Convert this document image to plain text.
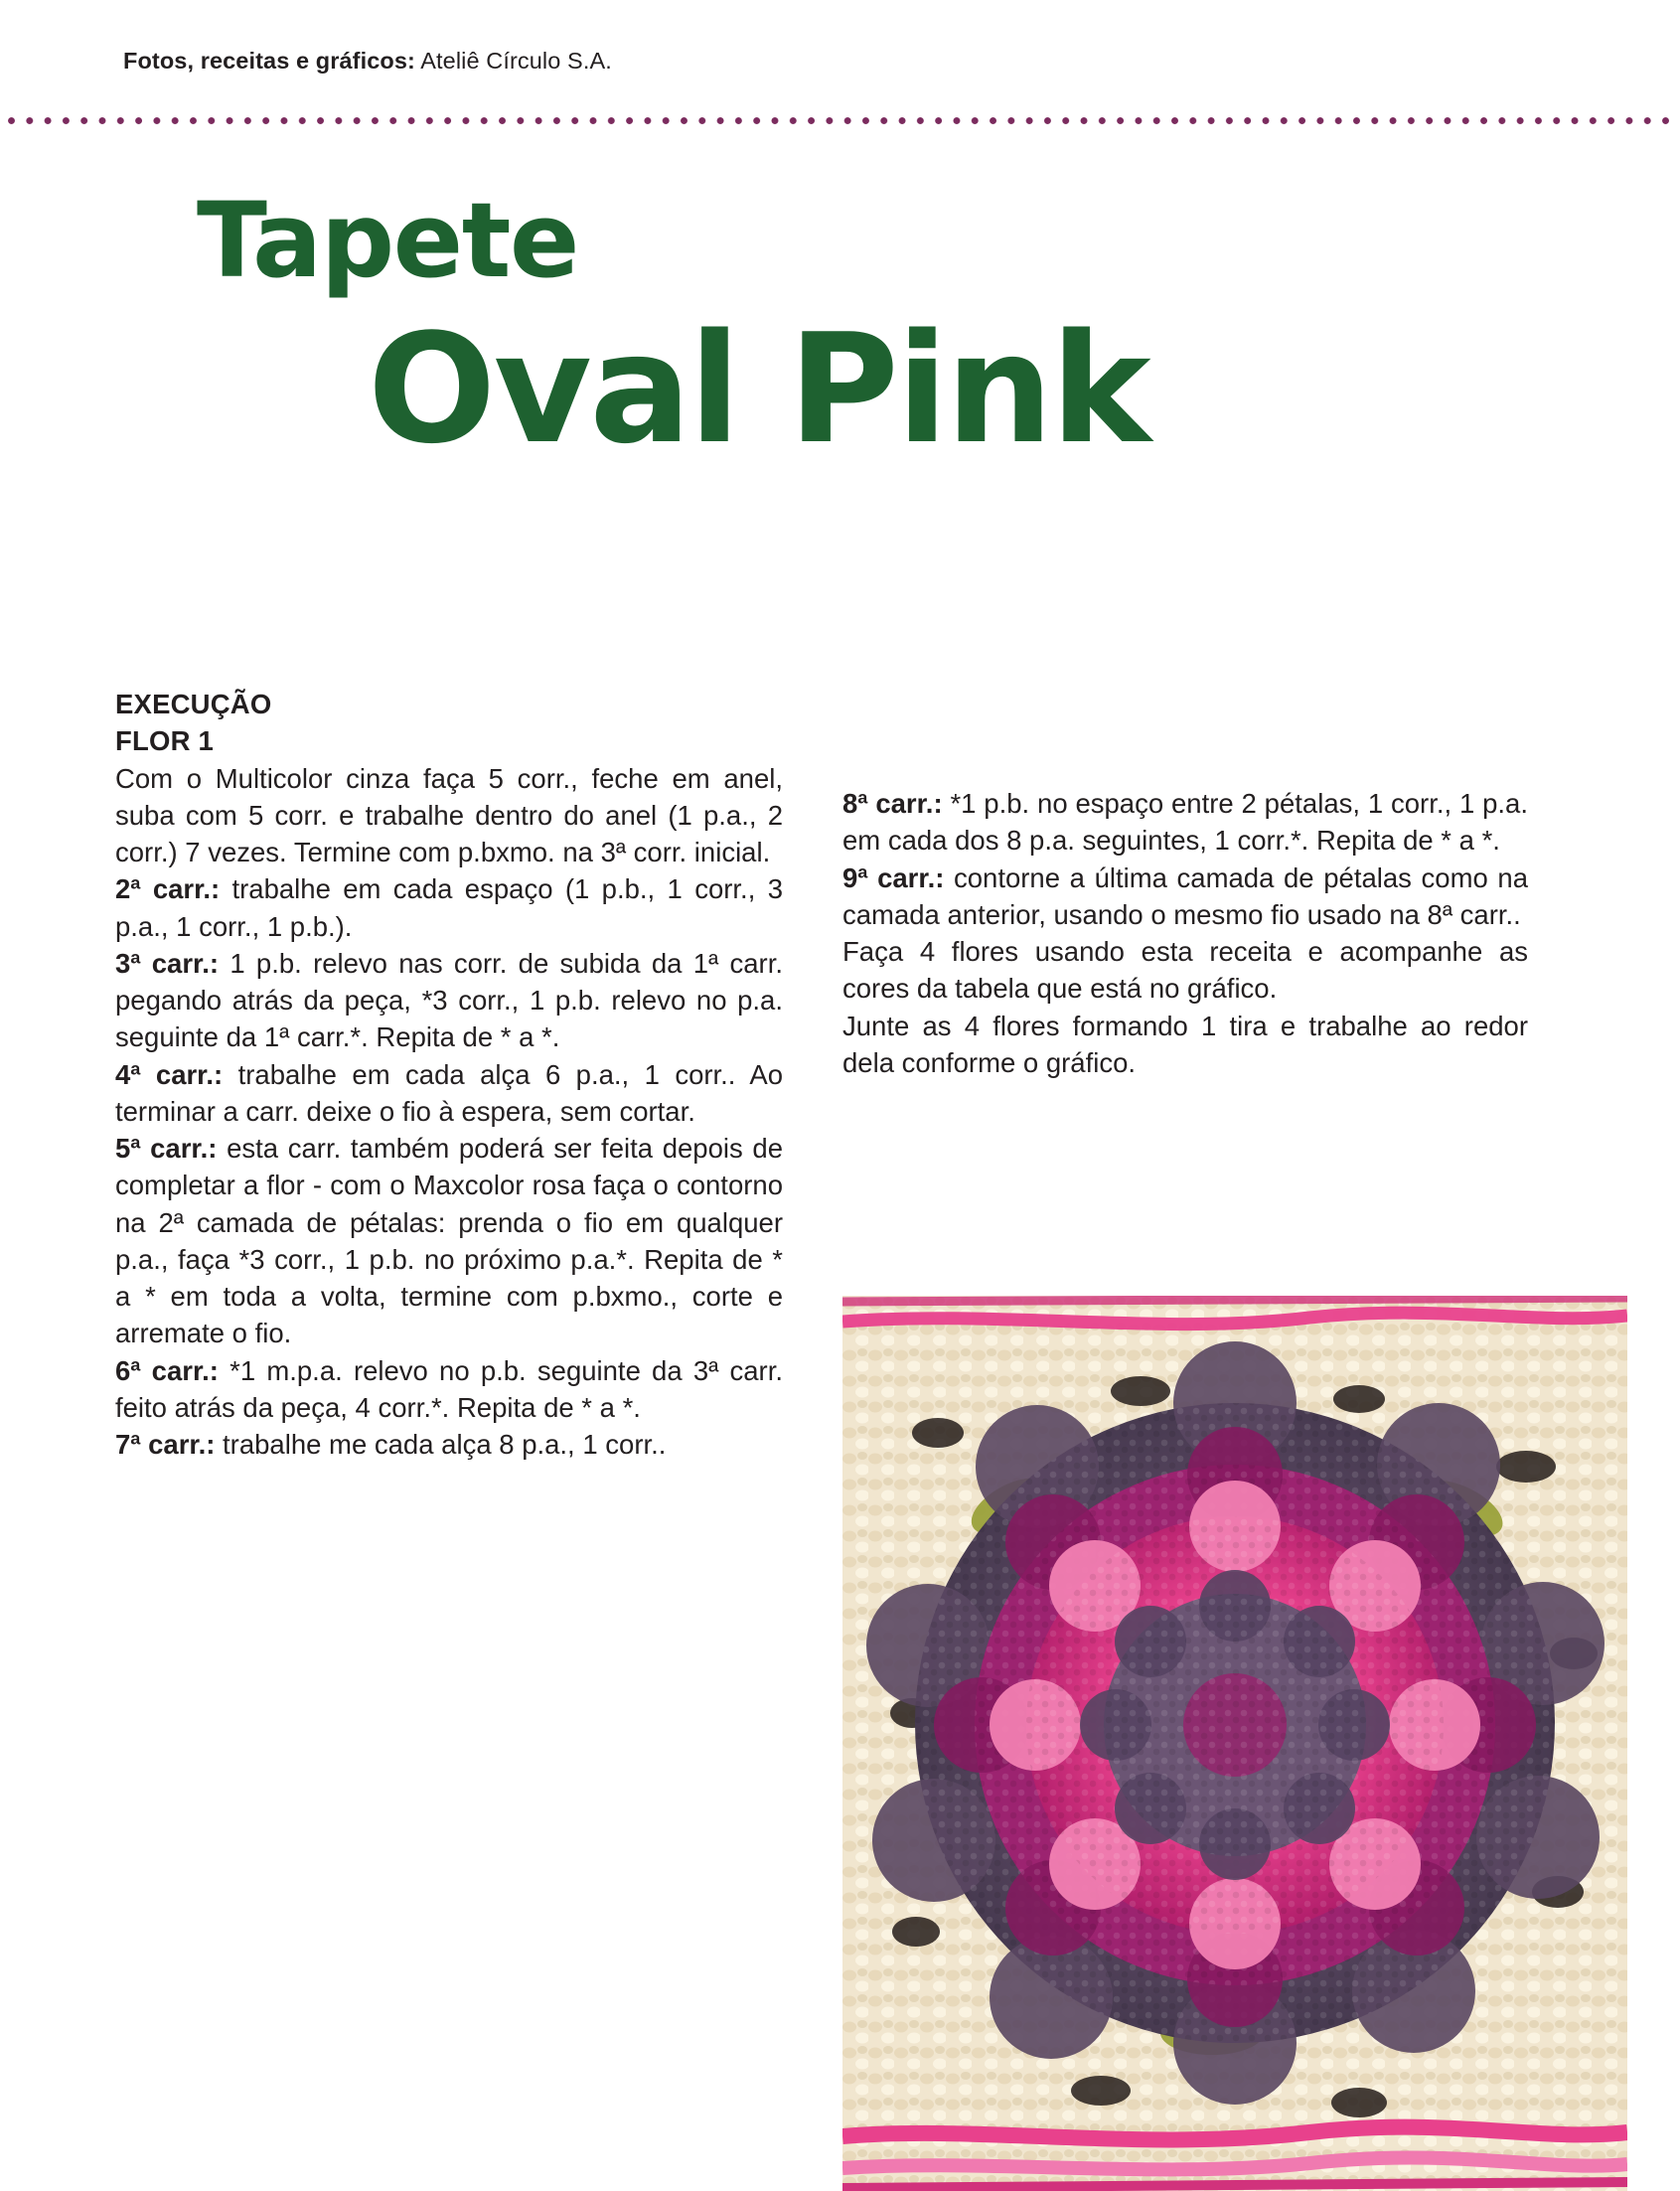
Fotos, receitas e gráficos: Ateliê Círculo S.A.
Tapete
Oval Pink
EXECUÇÃO
FLOR 1

Com o Multicolor cinza faça 5 corr., feche em anel, suba com 5 corr. e trabalhe dentro do anel (1 p.a., 2 corr.) 7 vezes. Termine com p.bxmo. na 3ª corr. inicial.

2ª carr.: trabalhe em cada espaço (1 p.b., 1 corr., 3 p.a., 1 corr., 1 p.b.).

3ª carr.: 1 p.b. relevo nas corr. de subida da 1ª carr. pegando atrás da peça, *3 corr., 1 p.b. relevo no p.a. seguinte da 1ª carr.*. Repita de * a *.

4ª carr.: trabalhe em cada alça 6 p.a., 1 corr.. Ao terminar a carr. deixe o fio à espera, sem cortar.

5ª carr.: esta carr. também poderá ser feita depois de completar a flor - com o Maxcolor rosa faça o contorno na 2ª camada de pétalas: prenda o fio em qualquer p.a., faça *3 corr., 1 p.b. no próximo p.a.*. Repita de * a * em toda a volta, termine com p.bxmo., corte e arremate o fio.

6ª carr.: *1 m.p.a. relevo no p.b. seguinte da 3ª carr. feito atrás da peça, 4 corr.*. Repita de * a *.

7ª carr.: trabalhe me cada alça 8 p.a., 1 corr..

8ª carr.: *1 p.b. no espaço entre 2 pétalas, 1 corr., 1 p.a. em cada dos 8 p.a. seguintes, 1 corr.*. Repita de * a *.

9ª carr.: contorne a última camada de pétalas como na camada anterior, usando o mesmo fio usado na 8ª carr..

Faça 4 flores usando esta receita e acompanhe as cores da tabela que está no gráfico.

Junte as 4 flores formando 1 tira e trabalhe ao redor dela conforme o gráfico.
